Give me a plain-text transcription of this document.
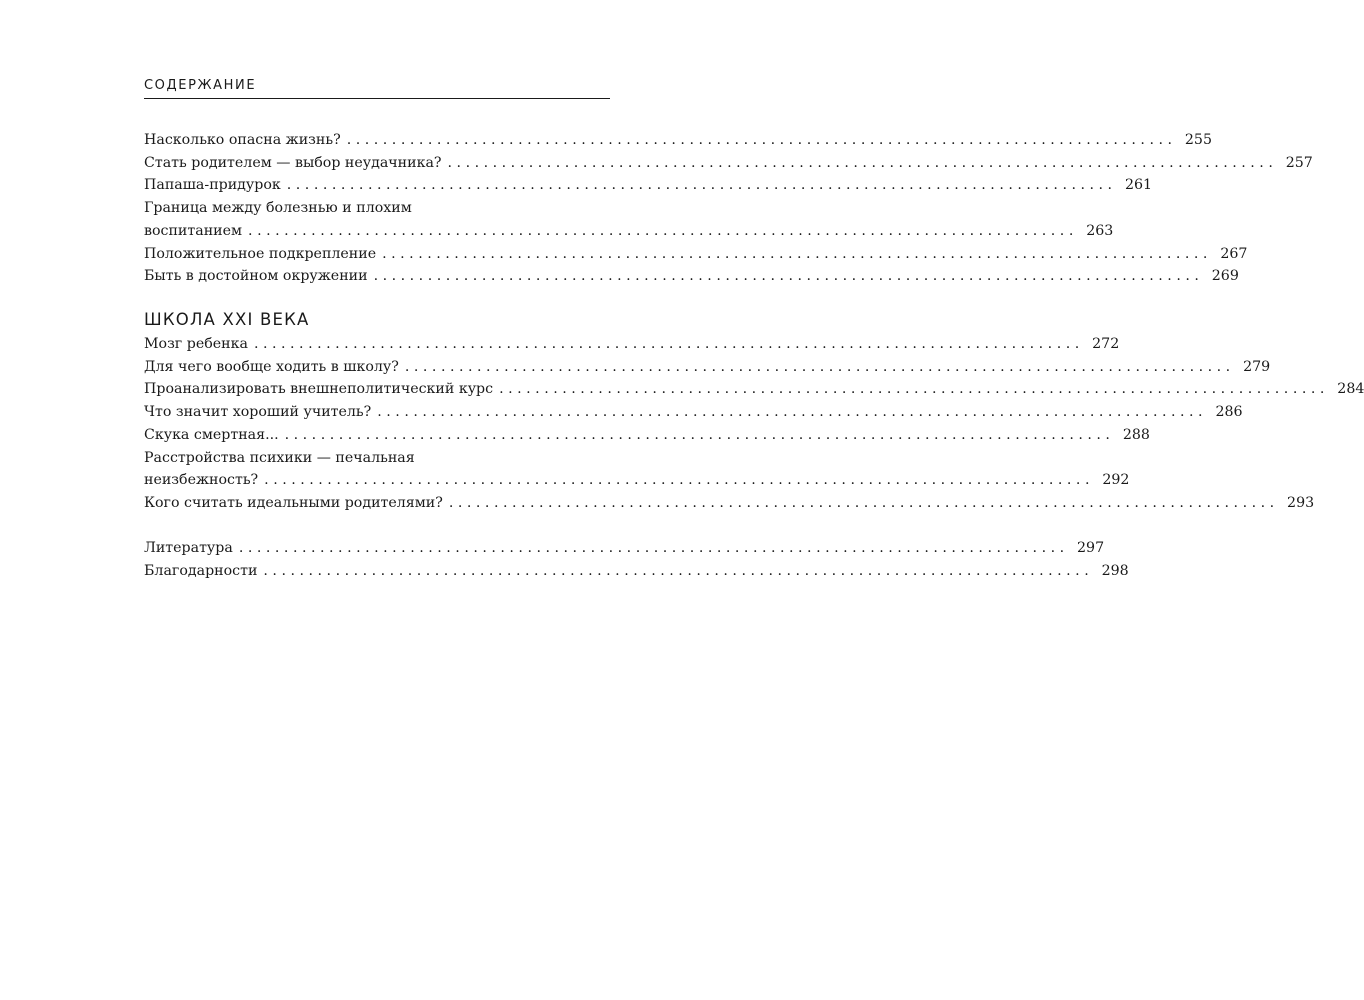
СОДЕРЖАНИЕ
Насколько опасна жизнь? . . .	255
Стать родителем — выбор неудачника? . . .	257
Папаша-придурок . . .	261
Граница между болезнью и плохим
воспитанием . . .	263
Положительное подкрепление . . .	267
Быть в достойном окружении . . .	269
ШКОЛА XXI ВЕКА
Мозг ребенка . . .	272
Для чего вообще ходить в школу? . . .	279
Проанализировать внешнеполитический курс . . .	284
Что значит хороший учитель? . . .	286
Скука смертная... . . .	288
Расстройства психики — печальная
неизбежность? . . .	292
Кого считать идеальными родителями? . . .	293
Литература . . .	297
Благодарности . . .	298
